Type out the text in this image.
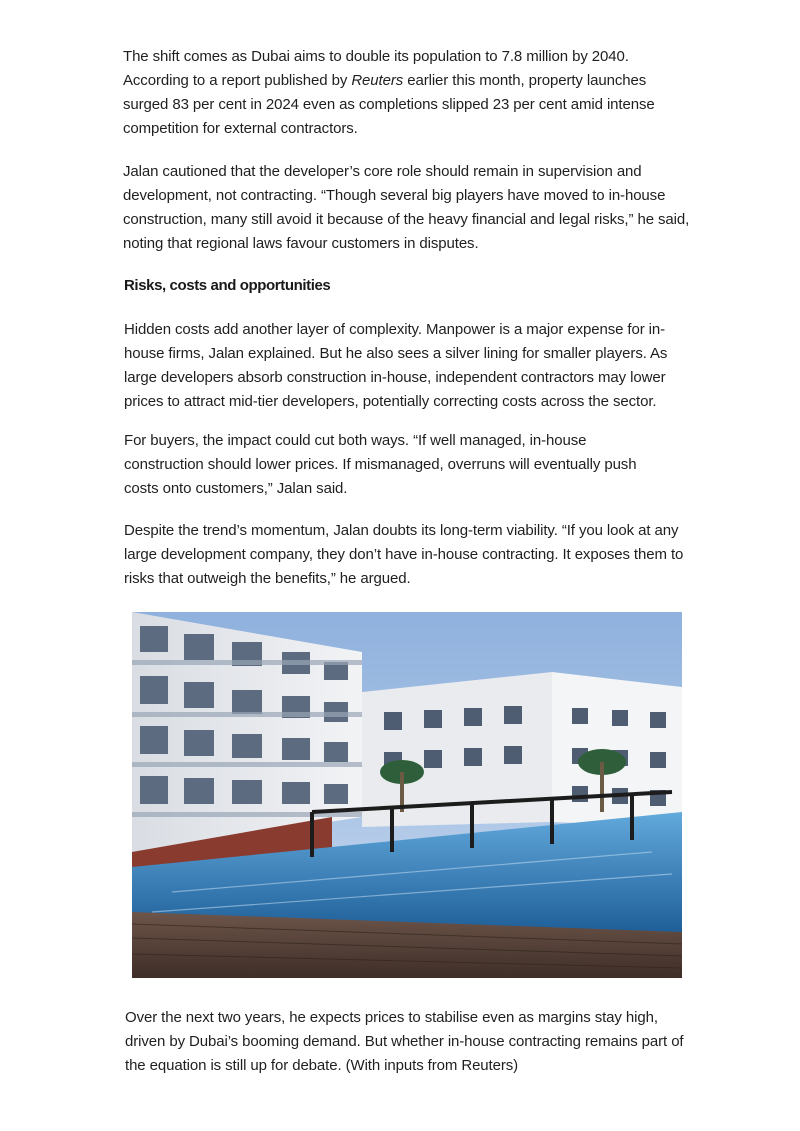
The shift comes as Dubai aims to double its population to 7.8 million by 2040. According to a report published by Reuters earlier this month, property launches surged 83 per cent in 2024 even as completions slipped 23 per cent amid intense competition for external contractors.

Jalan cautioned that the developer’s core role should remain in supervision and development, not contracting. “Though several big players have moved to in-house construction, many still avoid it because of the heavy financial and legal risks,” he said, noting that regional laws favour customers in disputes.

Risks, costs and opportunities

Hidden costs add another layer of complexity. Manpower is a major expense for in-house firms, Jalan explained. But he also sees a silver lining for smaller players. As large developers absorb construction in-house, independent contractors may lower prices to attract mid-tier developers, potentially correcting costs across the sector.

For buyers, the impact could cut both ways. “If well managed, in-house construction should lower prices. If mismanaged, overruns will eventually push costs onto customers,” Jalan said.

Despite the trend’s momentum, Jalan doubts its long-term viability. “If you look at any large development company, they don’t have in-house contracting. It exposes them to risks that outweigh the benefits,” he argued.

Over the next two years, he expects prices to stabilise even as margins stay high, driven by Dubai’s booming demand. But whether in-house contracting remains part of the equation is still up for debate. (With inputs from Reuters)
